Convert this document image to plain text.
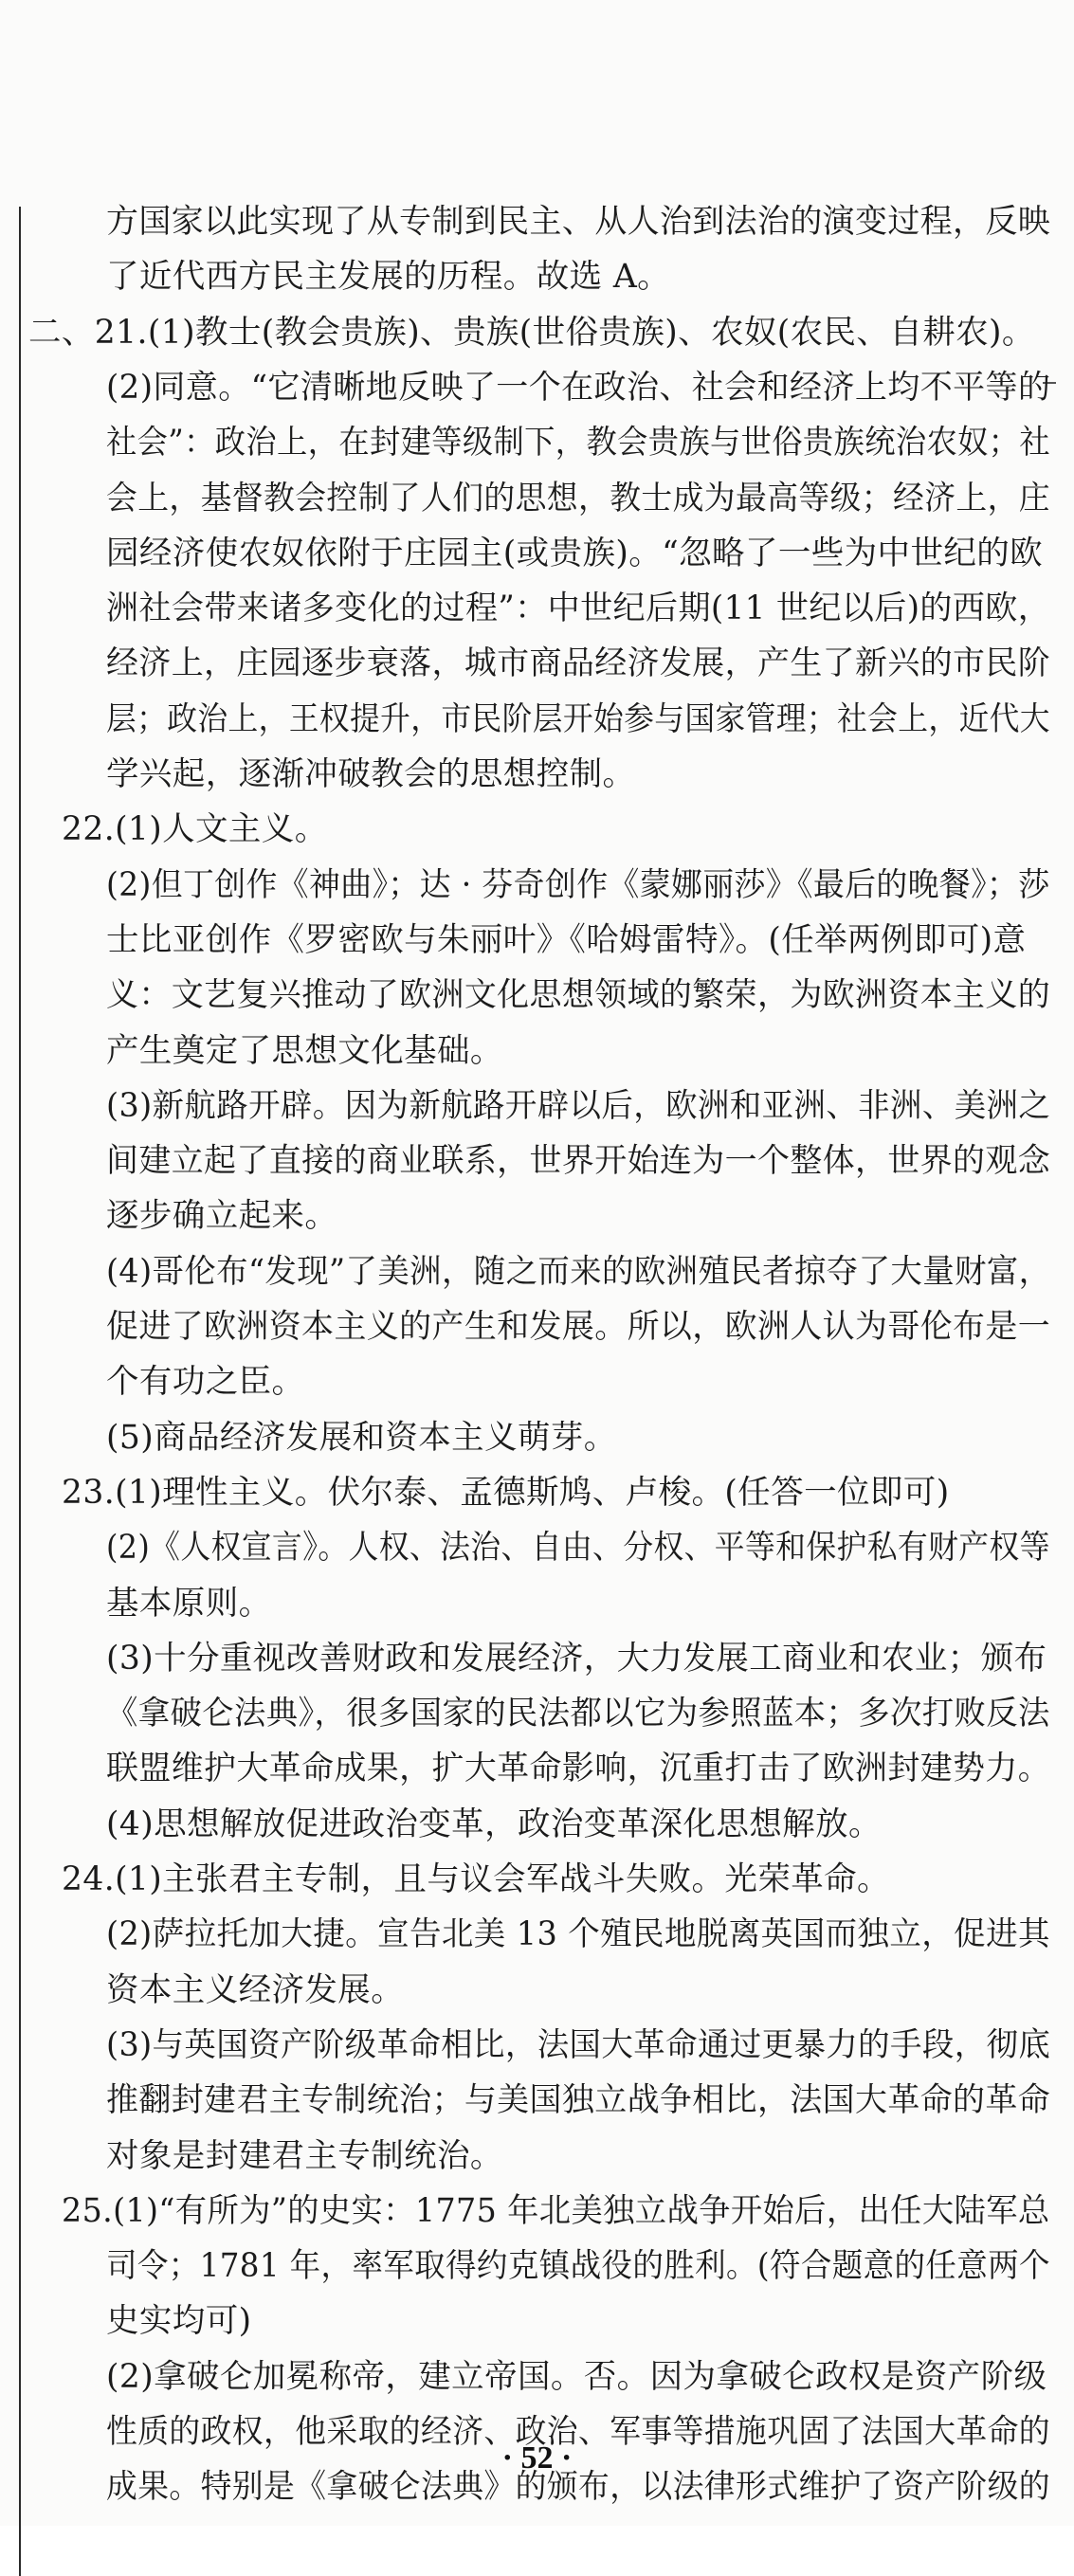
方国家以此实现了从专制到民主、从人治到法治的演变过程，反映
了近代西方民主发展的历程。故选 A。
二、21.(1)教士(教会贵族)、贵族(世俗贵族)、农奴(农民、自耕农)。
(2)同意。“它清晰地反映了一个在政治、社会和经济上均不平等的
社会”：政治上，在封建等级制下，教会贵族与世俗贵族统治农奴；社
会上，基督教会控制了人们的思想，教士成为最高等级；经济上，庄
园经济使农奴依附于庄园主(或贵族)。“忽略了一些为中世纪的欧
洲社会带来诸多变化的过程”：中世纪后期(11 世纪以后)的西欧，
经济上，庄园逐步衰落，城市商品经济发展，产生了新兴的市民阶
层；政治上，王权提升，市民阶层开始参与国家管理；社会上，近代大
学兴起，逐渐冲破教会的思想控制。
22.(1)人文主义。
(2)但丁创作《神曲》；达 · 芬奇创作《蒙娜丽莎》《最后的晚餐》；莎
士比亚创作《罗密欧与朱丽叶》《哈姆雷特》。(任举两例即可)意
义：文艺复兴推动了欧洲文化思想领域的繁荣，为欧洲资本主义的
产生奠定了思想文化基础。
(3)新航路开辟。因为新航路开辟以后，欧洲和亚洲、非洲、美洲之
间建立起了直接的商业联系，世界开始连为一个整体，世界的观念
逐步确立起来。
(4)哥伦布“发现”了美洲，随之而来的欧洲殖民者掠夺了大量财富，
促进了欧洲资本主义的产生和发展。所以，欧洲人认为哥伦布是一
个有功之臣。
(5)商品经济发展和资本主义萌芽。
23.(1)理性主义。伏尔泰、孟德斯鸠、卢梭。(任答一位即可)
(2)《人权宣言》。人权、法治、自由、分权、平等和保护私有财产权等
基本原则。
(3)十分重视改善财政和发展经济，大力发展工商业和农业；颁布
《拿破仑法典》，很多国家的民法都以它为参照蓝本；多次打败反法
联盟维护大革命成果，扩大革命影响，沉重打击了欧洲封建势力。
(4)思想解放促进政治变革，政治变革深化思想解放。
24.(1)主张君主专制，且与议会军战斗失败。光荣革命。
(2)萨拉托加大捷。宣告北美 13 个殖民地脱离英国而独立，促进其
资本主义经济发展。
(3)与英国资产阶级革命相比，法国大革命通过更暴力的手段，彻底
推翻封建君主专制统治；与美国独立战争相比，法国大革命的革命
对象是封建君主专制统治。
25.(1)“有所为”的史实：1775 年北美独立战争开始后，出任大陆军总
司令；1781 年，率军取得约克镇战役的胜利。(符合题意的任意两个
史实均可)
(2)拿破仑加冕称帝，建立帝国。否。因为拿破仑政权是资产阶级
性质的政权，他采取的经济、政治、军事等措施巩固了法国大革命的
成果。特别是《拿破仑法典》的颁布，以法律形式维护了资产阶级的
· 52 ·
